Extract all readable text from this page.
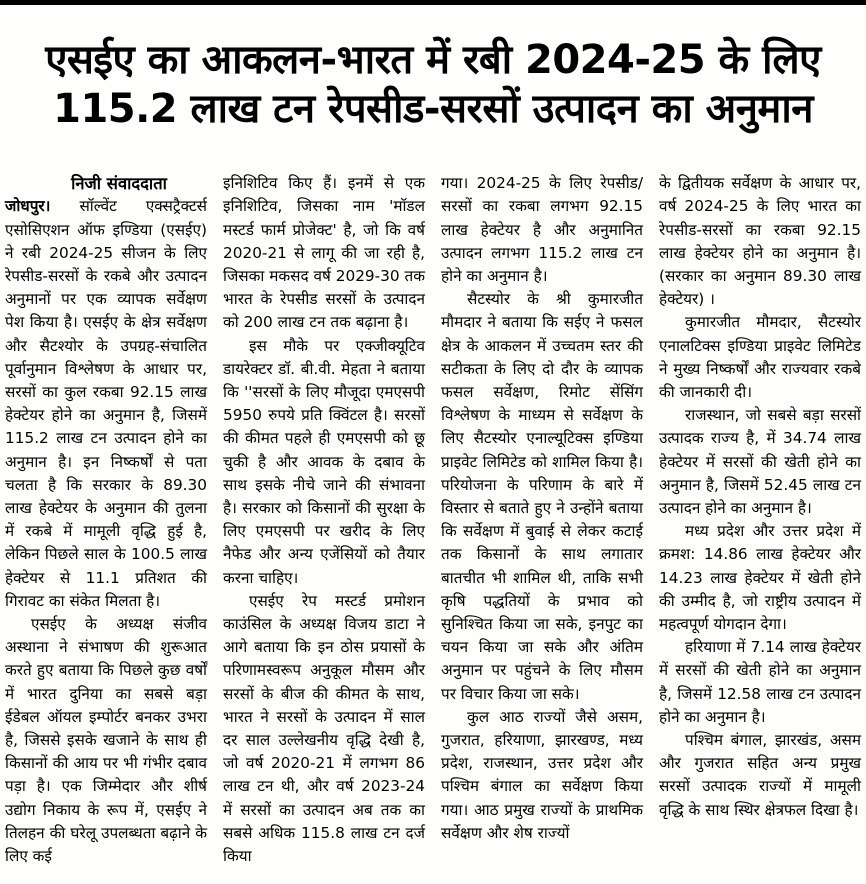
एसईए का आकलन-भारत में रबी 2024-25 के लिए
115.2 लाख टन रेपसीड-सरसों उत्पादन का अनुमान

निजी संवाददाता

जोधपुर। सॉल्वेंट एक्सट्रैक्टर्स एसोसिएशन ऑफ इण्डिया (एसईए) ने रबी 2024-25 सीजन के लिए रेपसीड-सरसों के रकबे और उत्पादन अनुमानों पर एक व्यापक सर्वेक्षण पेश किया है। एसईए के क्षेत्र सर्वेक्षण और सैटश्योर के उपग्रह-संचालित पूर्वानुमान विश्लेषण के आधार पर, सरसों का कुल रकबा 92.15 लाख हेक्टेयर होने का अनुमान है, जिसमें 115.2 लाख टन उत्पादन होने का अनुमान है। इन निष्कर्षों से पता चलता है कि सरकार के 89.30 लाख हेक्टेयर के अनुमान की तुलना में रकबे में मामूली वृद्धि हुई है, लेकिन पिछले साल के 100.5 लाख हेक्टेयर से 11.1 प्रतिशत की गिरावट का संकेत मिलता है।

एसईए के अध्यक्ष संजीव अस्थाना ने संभाषण की शुरूआत करते हुए बताया कि पिछले कुछ वर्षों में भारत दुनिया का सबसे बड़ा ईडेबल ऑयल इम्पोर्टर बनकर उभरा है, जिससे इसके खजाने के साथ ही किसानों की आय पर भी गंभीर दबाव पड़ा है। एक जिम्मेदार और शीर्ष उद्योग निकाय के रूप में, एसईए ने तिलहन की घरेलू उपलब्धता बढ़ाने के लिए कई

इनिशिटिव किए हैं। इनमें से एक इनिशिटिव, जिसका नाम 'मॉडल मस्टर्ड फार्म प्रोजेक्ट' है, जो कि वर्ष 2020-21 से लागू की जा रही है, जिसका मकसद वर्ष 2029-30 तक भारत के रेपसीड सरसों के उत्पादन को 200 लाख टन तक बढ़ाना है।

इस मौके पर एक्जीक्यूटिव डायरेक्टर डॉ. बी.वी. मेहता ने बताया कि ''सरसों के लिए मौजूदा एमएसपी 5950 रुपये प्रति क्विंटल है। सरसों की कीमत पहले ही एमएसपी को छू चुकी है और आवक के दबाव के साथ इसके नीचे जाने की संभावना है। सरकार को किसानों की सुरक्षा के लिए एमएसपी पर खरीद के लिए नैफेड और अन्य एजेंसियों को तैयार करना चाहिए।

एसईए रेप मस्टर्ड प्रमोशन काउंसिल के अध्यक्ष विजय डाटा ने आगे बताया कि इन ठोस प्रयासों के परिणामस्वरूप अनुकूल मौसम और सरसों के बीज की कीमत के साथ, भारत ने सरसों के उत्पादन में साल दर साल उल्लेखनीय वृद्धि देखी है, जो वर्ष 2020-21 में लगभग 86 लाख टन थी, और वर्ष 2023-24 में सरसों का उत्पादन अब तक का सबसे अधिक 115.8 लाख टन दर्ज किया

गया। 2024-25 के लिए रेपसीड/सरसों का रकबा लगभग 92.15 लाख हेक्टेयर है और अनुमानित उत्पादन लगभग 115.2 लाख टन होने का अनुमान है।

सैटस्योर के श्री कुमारजीत मौमदार ने बताया कि सईए ने फसल क्षेत्र के आकलन में उच्चतम स्तर की सटीकता के लिए दो दौर के व्यापक फसल सर्वेक्षण, रिमोट सेंसिंग विश्लेषण के माध्यम से सर्वेक्षण के लिए सैटस्योर एनाल्यूटिक्स इण्डिया प्राइवेट लिमिटेड को शामिल किया है। परियोजना के परिणाम के बारे में विस्तार से बताते हुए ने उन्होंने बताया कि सर्वेक्षण में बुवाई से लेकर कटाई तक किसानों के साथ लगातार बातचीत भी शामिल थी, ताकि सभी कृषि पद्धतियों के प्रभाव को सुनिश्चित किया जा सके, इनपुट का चयन किया जा सके और अंतिम अनुमान पर पहुंचने के लिए मौसम पर विचार किया जा सके।

कुल आठ राज्यों जैसे असम, गुजरात, हरियाणा, झारखण्ड, मध्य प्रदेश, राजस्थान, उत्तर प्रदेश और पश्चिम बंगाल का सर्वेक्षण किया गया। आठ प्रमुख राज्यों के प्राथमिक सर्वेक्षण और शेष राज्यों

के द्वितीयक सर्वेक्षण के आधार पर, वर्ष 2024-25 के लिए भारत का रेपसीड-सरसों का रकबा 92.15 लाख हेक्टेयर होने का अनुमान है। (सरकार का अनुमान 89.30 लाख हेक्टेयर) ।

कुमारजीत मौमदार, सैटस्योर एनालटिक्स इण्डिया प्राइवेट लिमिटेड ने मुख्य निष्कर्षों और राज्यवार रकबे की जानकारी दी।

राजस्थान, जो सबसे बड़ा सरसों उत्पादक राज्य है, में 34.74 लाख हेक्टेयर में सरसों की खेती होने का अनुमान है, जिसमें 52.45 लाख टन उत्पादन होने का अनुमान है।

मध्य प्रदेश और उत्तर प्रदेश में क्रमश: 14.86 लाख हेक्टेयर और 14.23 लाख हेक्टेयर में खेती होने की उम्मीद है, जो राष्ट्रीय उत्पादन में महत्वपूर्ण योगदान देगा।

हरियाणा में 7.14 लाख हेक्टेयर में सरसों की खेती होने का अनुमान है, जिसमें 12.58 लाख टन उत्पादन होने का अनुमान है।

पश्चिम बंगाल, झारखंड, असम और गुजरात सहित अन्य प्रमुख सरसों उत्पादक राज्यों में मामूली वृद्धि के साथ स्थिर क्षेत्रफल दिखा है।
